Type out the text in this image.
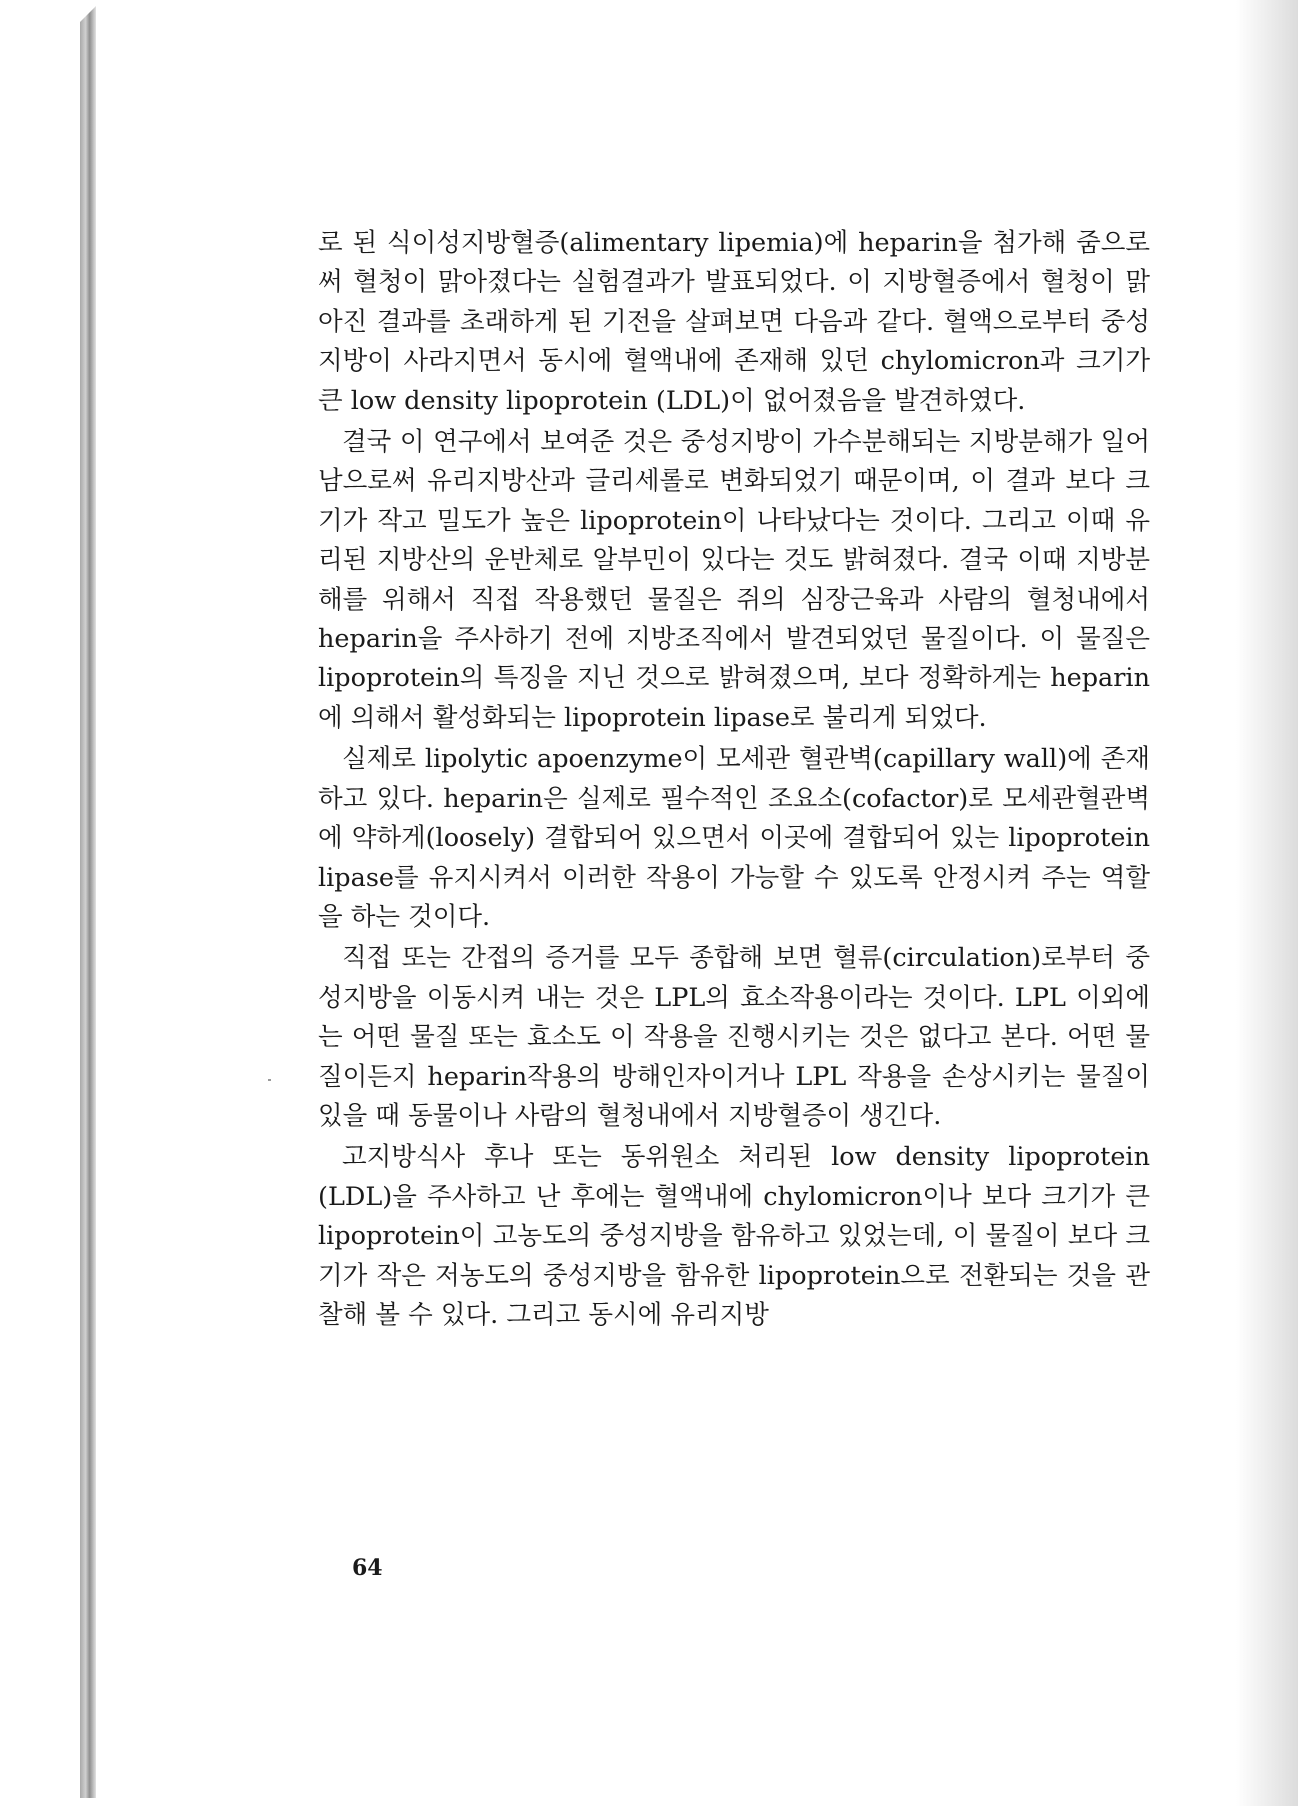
로 된 식이성지방혈증(alimentary lipemia)에 heparin을 첨가해 줌으로써 혈청이 맑아졌다는 실험결과가 발표되었다. 이 지방혈증에서 혈청이 맑아진 결과를 초래하게 된 기전을 살펴보면 다음과 같다. 혈액으로부터 중성지방이 사라지면서 동시에 혈액내에 존재해 있던 chylomicron과 크기가 큰 low density lipoprotein (LDL)이 없어졌음을 발견하였다.

결국 이 연구에서 보여준 것은 중성지방이 가수분해되는 지방분해가 일어남으로써 유리지방산과 글리세롤로 변화되었기 때문이며, 이 결과 보다 크기가 작고 밀도가 높은 lipoprotein이 나타났다는 것이다. 그리고 이때 유리된 지방산의 운반체로 알부민이 있다는 것도 밝혀졌다. 결국 이때 지방분해를 위해서 직접 작용했던 물질은 쥐의 심장근육과 사람의 혈청내에서 heparin을 주사하기 전에 지방조직에서 발견되었던 물질이다. 이 물질은 lipoprotein의 특징을 지닌 것으로 밝혀졌으며, 보다 정확하게는 heparin에 의해서 활성화되는 lipoprotein lipase로 불리게 되었다.

실제로 lipolytic apoenzyme이 모세관 혈관벽(capillary wall)에 존재하고 있다. heparin은 실제로 필수적인 조요소(cofactor)로 모세관혈관벽에 약하게(loosely) 결합되어 있으면서 이곳에 결합되어 있는 lipoprotein lipase를 유지시켜서 이러한 작용이 가능할 수 있도록 안정시켜 주는 역할을 하는 것이다.

직접 또는 간접의 증거를 모두 종합해 보면 혈류(circulation)로부터 중성지방을 이동시켜 내는 것은 LPL의 효소작용이라는 것이다. LPL 이외에는 어떤 물질 또는 효소도 이 작용을 진행시키는 것은 없다고 본다. 어떤 물질이든지 heparin작용의 방해인자이거나 LPL 작용을 손상시키는 물질이 있을 때 동물이나 사람의 혈청내에서 지방혈증이 생긴다.

고지방식사 후나 또는 동위원소 처리된 low density lipoprotein (LDL)을 주사하고 난 후에는 혈액내에 chylomicron이나 보다 크기가 큰 lipoprotein이 고농도의 중성지방을 함유하고 있었는데, 이 물질이 보다 크기가 작은 저농도의 중성지방을 함유한 lipoprotein으로 전환되는 것을 관찰해 볼 수 있다. 그리고 동시에 유리지방

64
